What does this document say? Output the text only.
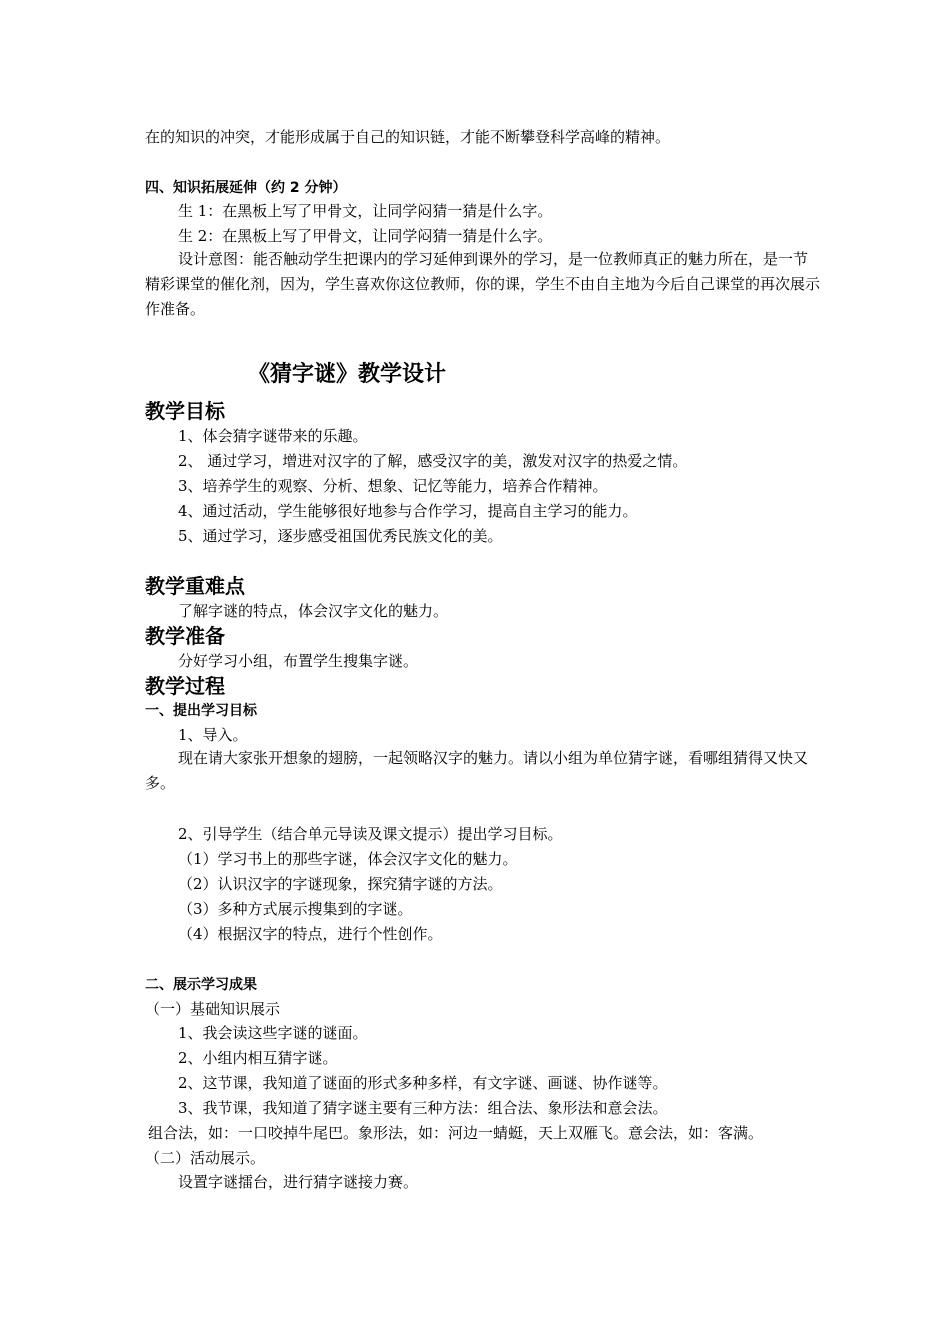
在的知识的冲突，才能形成属于自己的知识链，才能不断攀登科学高峰的精神。
四、知识拓展延伸（约 2 分钟）
生 1：在黑板上写了甲骨文，让同学闷猜一猜是什么字。
生 2：在黑板上写了甲骨文，让同学闷猜一猜是什么字。
设计意图：能否触动学生把课内的学习延伸到课外的学习，是一位教师真正的魅力所在，是一节精彩课堂的催化剂，因为，学生喜欢你这位教师，你的课，学生不由自主地为今后自己课堂的再次展示作准备。
《猜字谜》教学设计
教学目标
1、体会猜字谜带来的乐趣。
2、 通过学习，增进对汉字的了解，感受汉字的美，激发对汉字的热爱之情。
3、培养学生的观察、分析、想象、记忆等能力，培养合作精神。
4、通过活动，学生能够很好地参与合作学习，提高自主学习的能力。
5、通过学习，逐步感受祖国优秀民族文化的美。
教学重难点
了解字谜的特点，体会汉字文化的魅力。
教学准备
分好学习小组，布置学生搜集字谜。
教学过程
一、提出学习目标
1、导入。
现在请大家张开想象的翅膀，一起领略汉字的魅力。请以小组为单位猜字谜，看哪组猜得又快又多。
2、引导学生（结合单元导读及课文提示）提出学习目标。
（1）学习书上的那些字谜，体会汉字文化的魅力。
（2）认识汉字的字谜现象，探究猜字谜的方法。
（3）多种方式展示搜集到的字谜。
（4）根据汉字的特点，进行个性创作。
二、展示学习成果
（一）基础知识展示
1、我会读这些字谜的谜面。
2、小组内相互猜字谜。
2、这节课，我知道了谜面的形式多种多样，有文字谜、画谜、协作谜等。
3、我节课，我知道了猜字谜主要有三种方法：组合法、象形法和意会法。
组合法，如：一口咬掉牛尾巴。象形法，如：河边一蜻蜓，天上双雁飞。意会法，如：客满。
（二）活动展示。
设置字谜擂台，进行猜字谜接力赛。
